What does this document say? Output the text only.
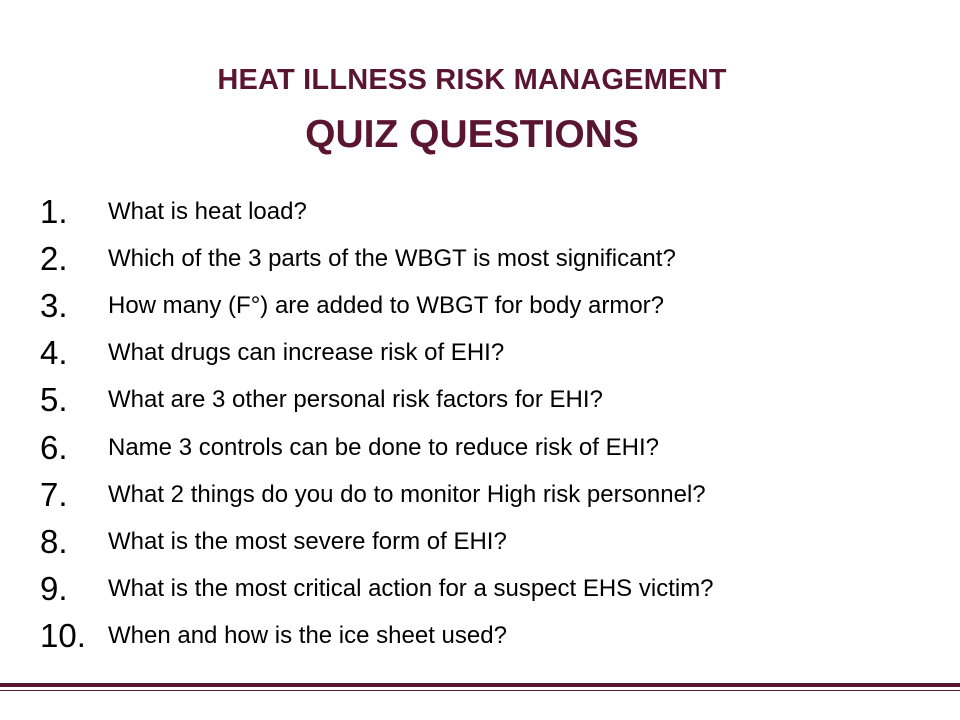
HEAT ILLNESS RISK MANAGEMENT
QUIZ QUESTIONS
1.	What is heat load?
2.	Which of the 3 parts of the WBGT is most significant?
3.	How many (F°) are added to WBGT for body armor?
4.	What drugs can increase risk of EHI?
5.	What are 3 other personal risk factors for EHI?
6.	Name 3 controls can be done to reduce risk of EHI?
7.	What 2 things do you do to monitor High risk personnel?
8.	What is the most severe form of EHI?
9.	What is the most critical action for a suspect EHS victim?
10. When and how is the ice sheet used?
